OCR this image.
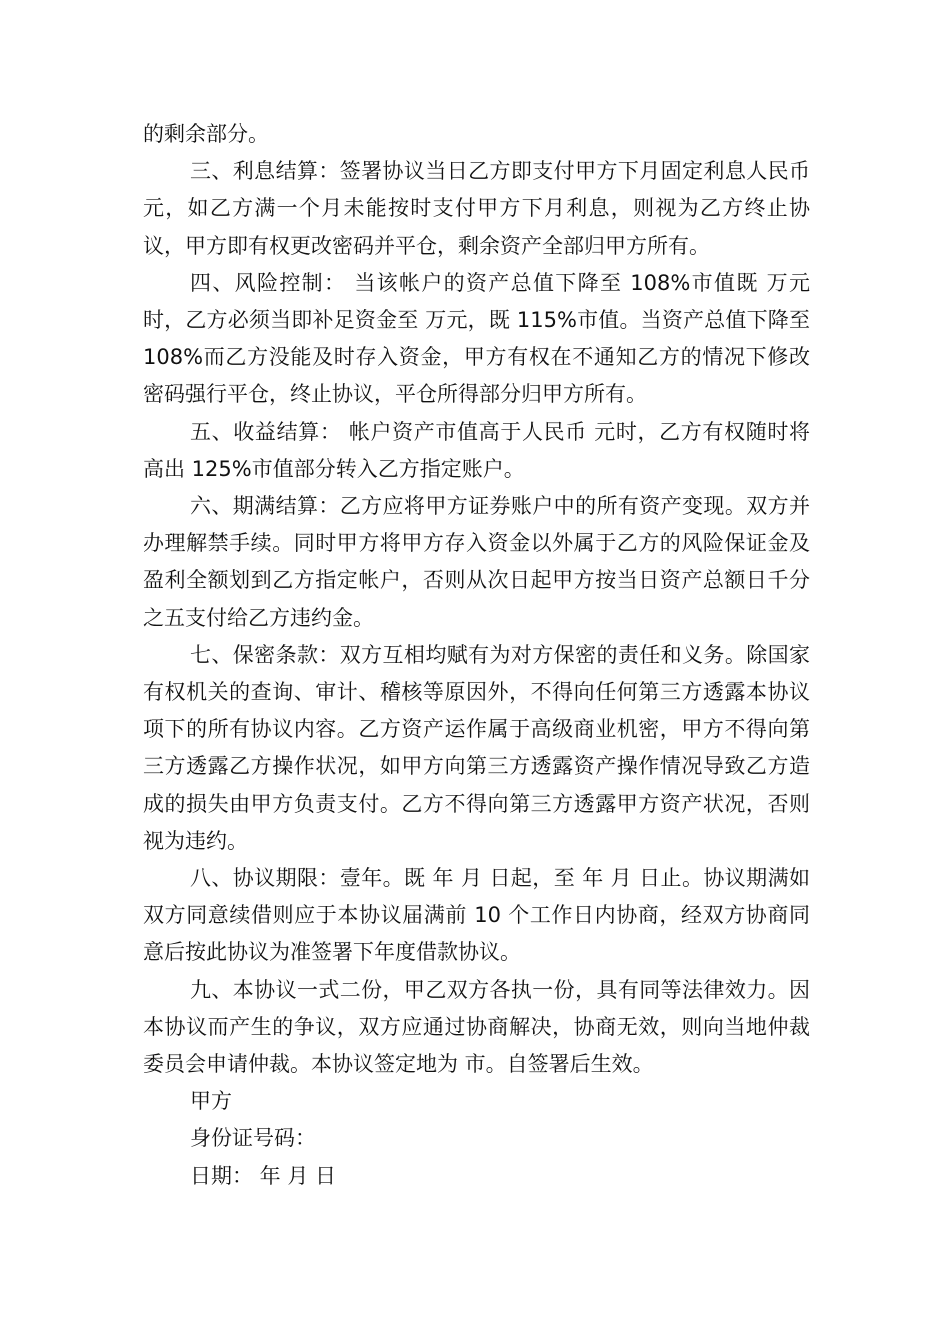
的剩余部分。

三、利息结算：签署协议当日乙方即支付甲方下月固定利息人民币 元，如乙方满一个月未能按时支付甲方下月利息，则视为乙方终止协议，甲方即有权更改密码并平仓，剩余资产全部归甲方所有。

四、风险控制： 当该帐户的资产总值下降至 108%市值既 万元时，乙方必须当即补足资金至 万元，既 115%市值。当资产总值下降至 108%而乙方没能及时存入资金，甲方有权在不通知乙方的情况下修改密码强行平仓，终止协议，平仓所得部分归甲方所有。

五、收益结算： 帐户资产市值高于人民币 元时，乙方有权随时将高出 125%市值部分转入乙方指定账户。

六、期满结算：乙方应将甲方证券账户中的所有资产变现。双方并办理解禁手续。同时甲方将甲方存入资金以外属于乙方的风险保证金及盈利全额划到乙方指定帐户，否则从次日起甲方按当日资产总额日千分之五支付给乙方违约金。

七、保密条款：双方互相均赋有为对方保密的责任和义务。除国家有权机关的查询、审计、稽核等原因外，不得向任何第三方透露本协议项下的所有协议内容。乙方资产运作属于高级商业机密，甲方不得向第三方透露乙方操作状况，如甲方向第三方透露资产操作情况导致乙方造成的损失由甲方负责支付。乙方不得向第三方透露甲方资产状况，否则视为违约。

八、协议期限：壹年。既 年 月 日起，至 年 月 日止。协议期满如双方同意续借则应于本协议届满前 10 个工作日内协商，经双方协商同意后按此协议为准签署下年度借款协议。

九、本协议一式二份，甲乙双方各执一份，具有同等法律效力。因本协议而产生的争议，双方应通过协商解决，协商无效，则向当地仲裁委员会申请仲裁。本协议签定地为 市。自签署后生效。

甲方

身份证号码：

日期： 年 月 日
